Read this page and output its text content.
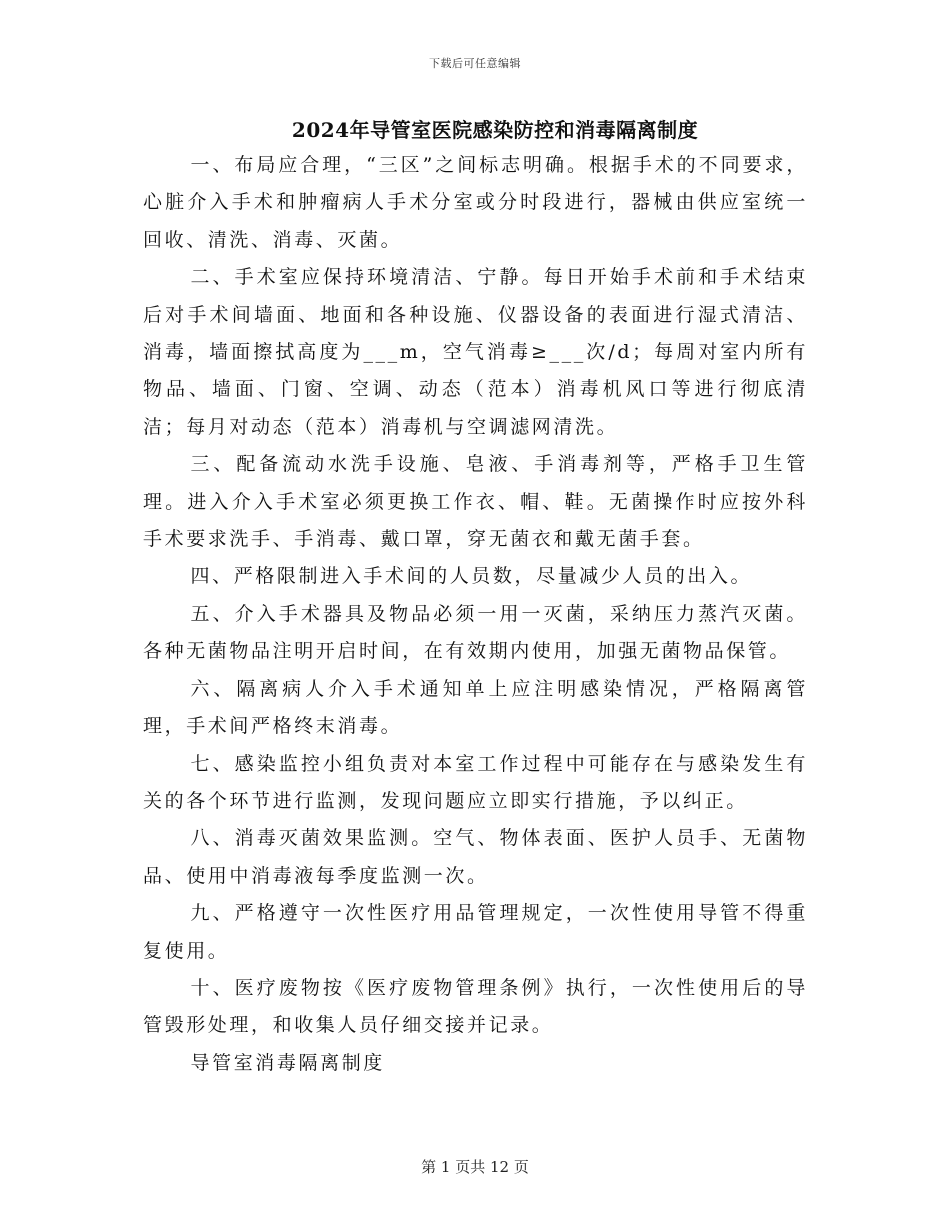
下载后可任意编辑
2024年导管室医院感染防控和消毒隔离制度

一、布局应合理，“三区”之间标志明确。根据手术的不同要求，心脏介入手术和肿瘤病人手术分室或分时段进行，器械由供应室统一回收、清洗、消毒、灭菌。

二、手术室应保持环境清洁、宁静。每日开始手术前和手术结束后对手术间墙面、地面和各种设施、仪器设备的表面进行湿式清洁、消毒，墙面擦拭高度为___m，空气消毒≥___次/d；每周对室内所有物品、墙面、门窗、空调、动态（范本）消毒机风口等进行彻底清洁；每月对动态（范本）消毒机与空调滤网清洗。

三、配备流动水洗手设施、皂液、手消毒剂等，严格手卫生管理。进入介入手术室必须更换工作衣、帽、鞋。无菌操作时应按外科手术要求洗手、手消毒、戴口罩，穿无菌衣和戴无菌手套。

四、严格限制进入手术间的人员数，尽量减少人员的出入。

五、介入手术器具及物品必须一用一灭菌，采纳压力蒸汽灭菌。各种无菌物品注明开启时间，在有效期内使用，加强无菌物品保管。

六、隔离病人介入手术通知单上应注明感染情况，严格隔离管理，手术间严格终末消毒。

七、感染监控小组负责对本室工作过程中可能存在与感染发生有关的各个环节进行监测，发现问题应立即实行措施，予以纠正。

八、消毒灭菌效果监测。空气、物体表面、医护人员手、无菌物品、使用中消毒液每季度监测一次。

九、严格遵守一次性医疗用品管理规定，一次性使用导管不得重复使用。

十、医疗废物按《医疗废物管理条例》执行，一次性使用后的导管毁形处理，和收集人员仔细交接并记录。

导管室消毒隔离制度

第 1 页共 12 页
